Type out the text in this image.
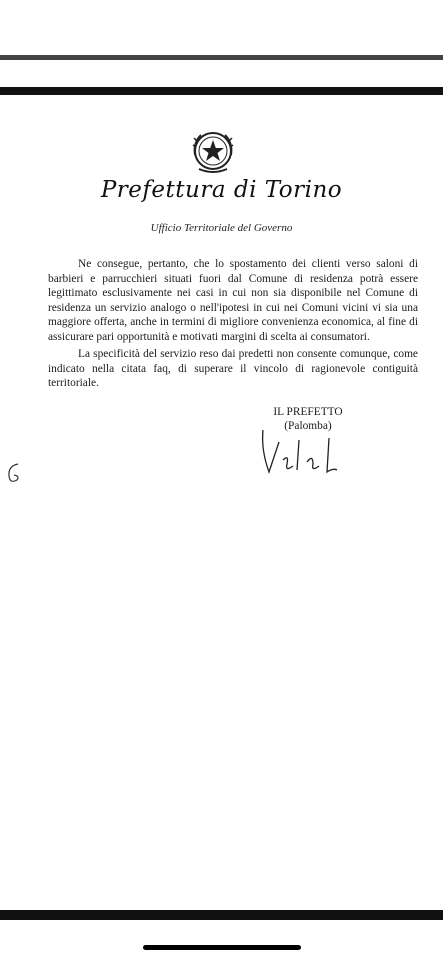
Prefettura di Torino
Ufficio Territoriale del Governo
Ne consegue, pertanto, che lo spostamento dei clienti verso saloni di barbieri e parrucchieri situati fuori dal Comune di residenza potrà essere legittimato esclusivamente nei casi in cui non sia disponibile nel Comune di residenza un servizio analogo o nell'ipotesi in cui nei Comuni vicini vi sia una maggiore offerta, anche in termini di migliore convenienza economica, al fine di assicurare pari opportunità e motivati margini di scelta ai consumatori.
La specificità del servizio reso dai predetti non consente comunque, come indicato nella citata faq, di superare il vincolo di ragionevole contiguità territoriale.
IL PREFETTO
(Palomba)
